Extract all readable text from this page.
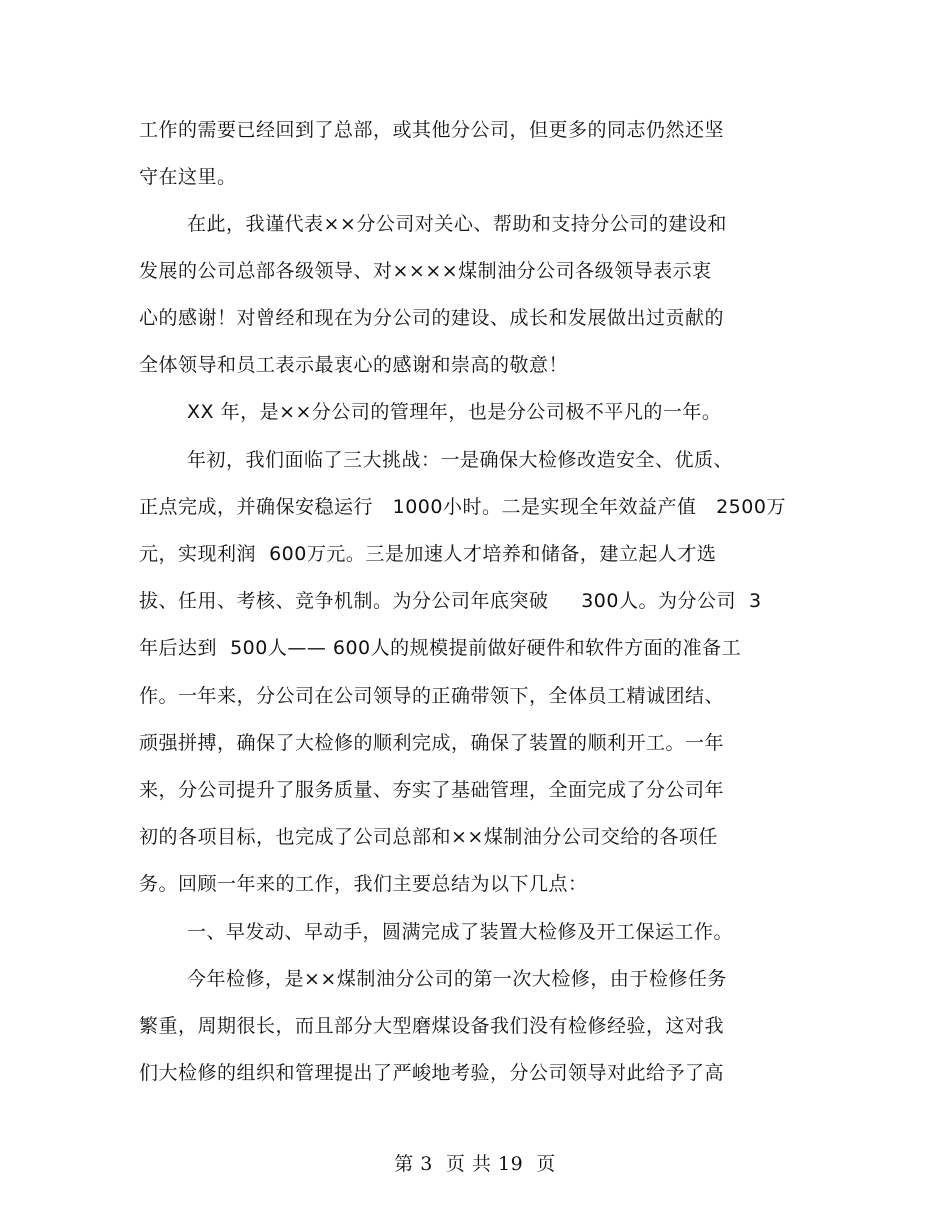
工作的需要已经回到了总部，或其他分公司，但更多的同志仍然还坚
守在这里。
在此，我谨代表××分公司对关心、帮助和支持分公司的建设和
发展的公司总部各级领导、对××××煤制油分公司各级领导表示衷
心的感谢！对曾经和现在为分公司的建设、成长和发展做出过贡献的
全体领导和员工表示最衷心的感谢和崇高的敬意！
XX 年，是××分公司的管理年，也是分公司极不平凡的一年。
年初，我们面临了三大挑战：一是确保大检修改造安全、优质、
正点完成，并确保安稳运行   1000小时。二是实现全年效益产值   2500万
元，实现利润  600万元。三是加速人才培养和储备，建立起人才选
拔、任用、考核、竞争机制。为分公司年底突破     300人。为分公司  3
年后达到  500人—— 600人的规模提前做好硬件和软件方面的准备工
作。一年来，分公司在公司领导的正确带领下，全体员工精诚团结、
顽强拼搏，确保了大检修的顺利完成，确保了装置的顺利开工。一年
来，分公司提升了服务质量、夯实了基础管理，全面完成了分公司年
初的各项目标，也完成了公司总部和××煤制油分公司交给的各项任
务。回顾一年来的工作，我们主要总结为以下几点：
一、早发动、早动手，圆满完成了装置大检修及开工保运工作。
今年检修，是××煤制油分公司的第一次大检修，由于检修任务
繁重，周期很长，而且部分大型磨煤设备我们没有检修经验，这对我
们大检修的组织和管理提出了严峻地考验，分公司领导对此给予了高
第 3  页 共 19  页
